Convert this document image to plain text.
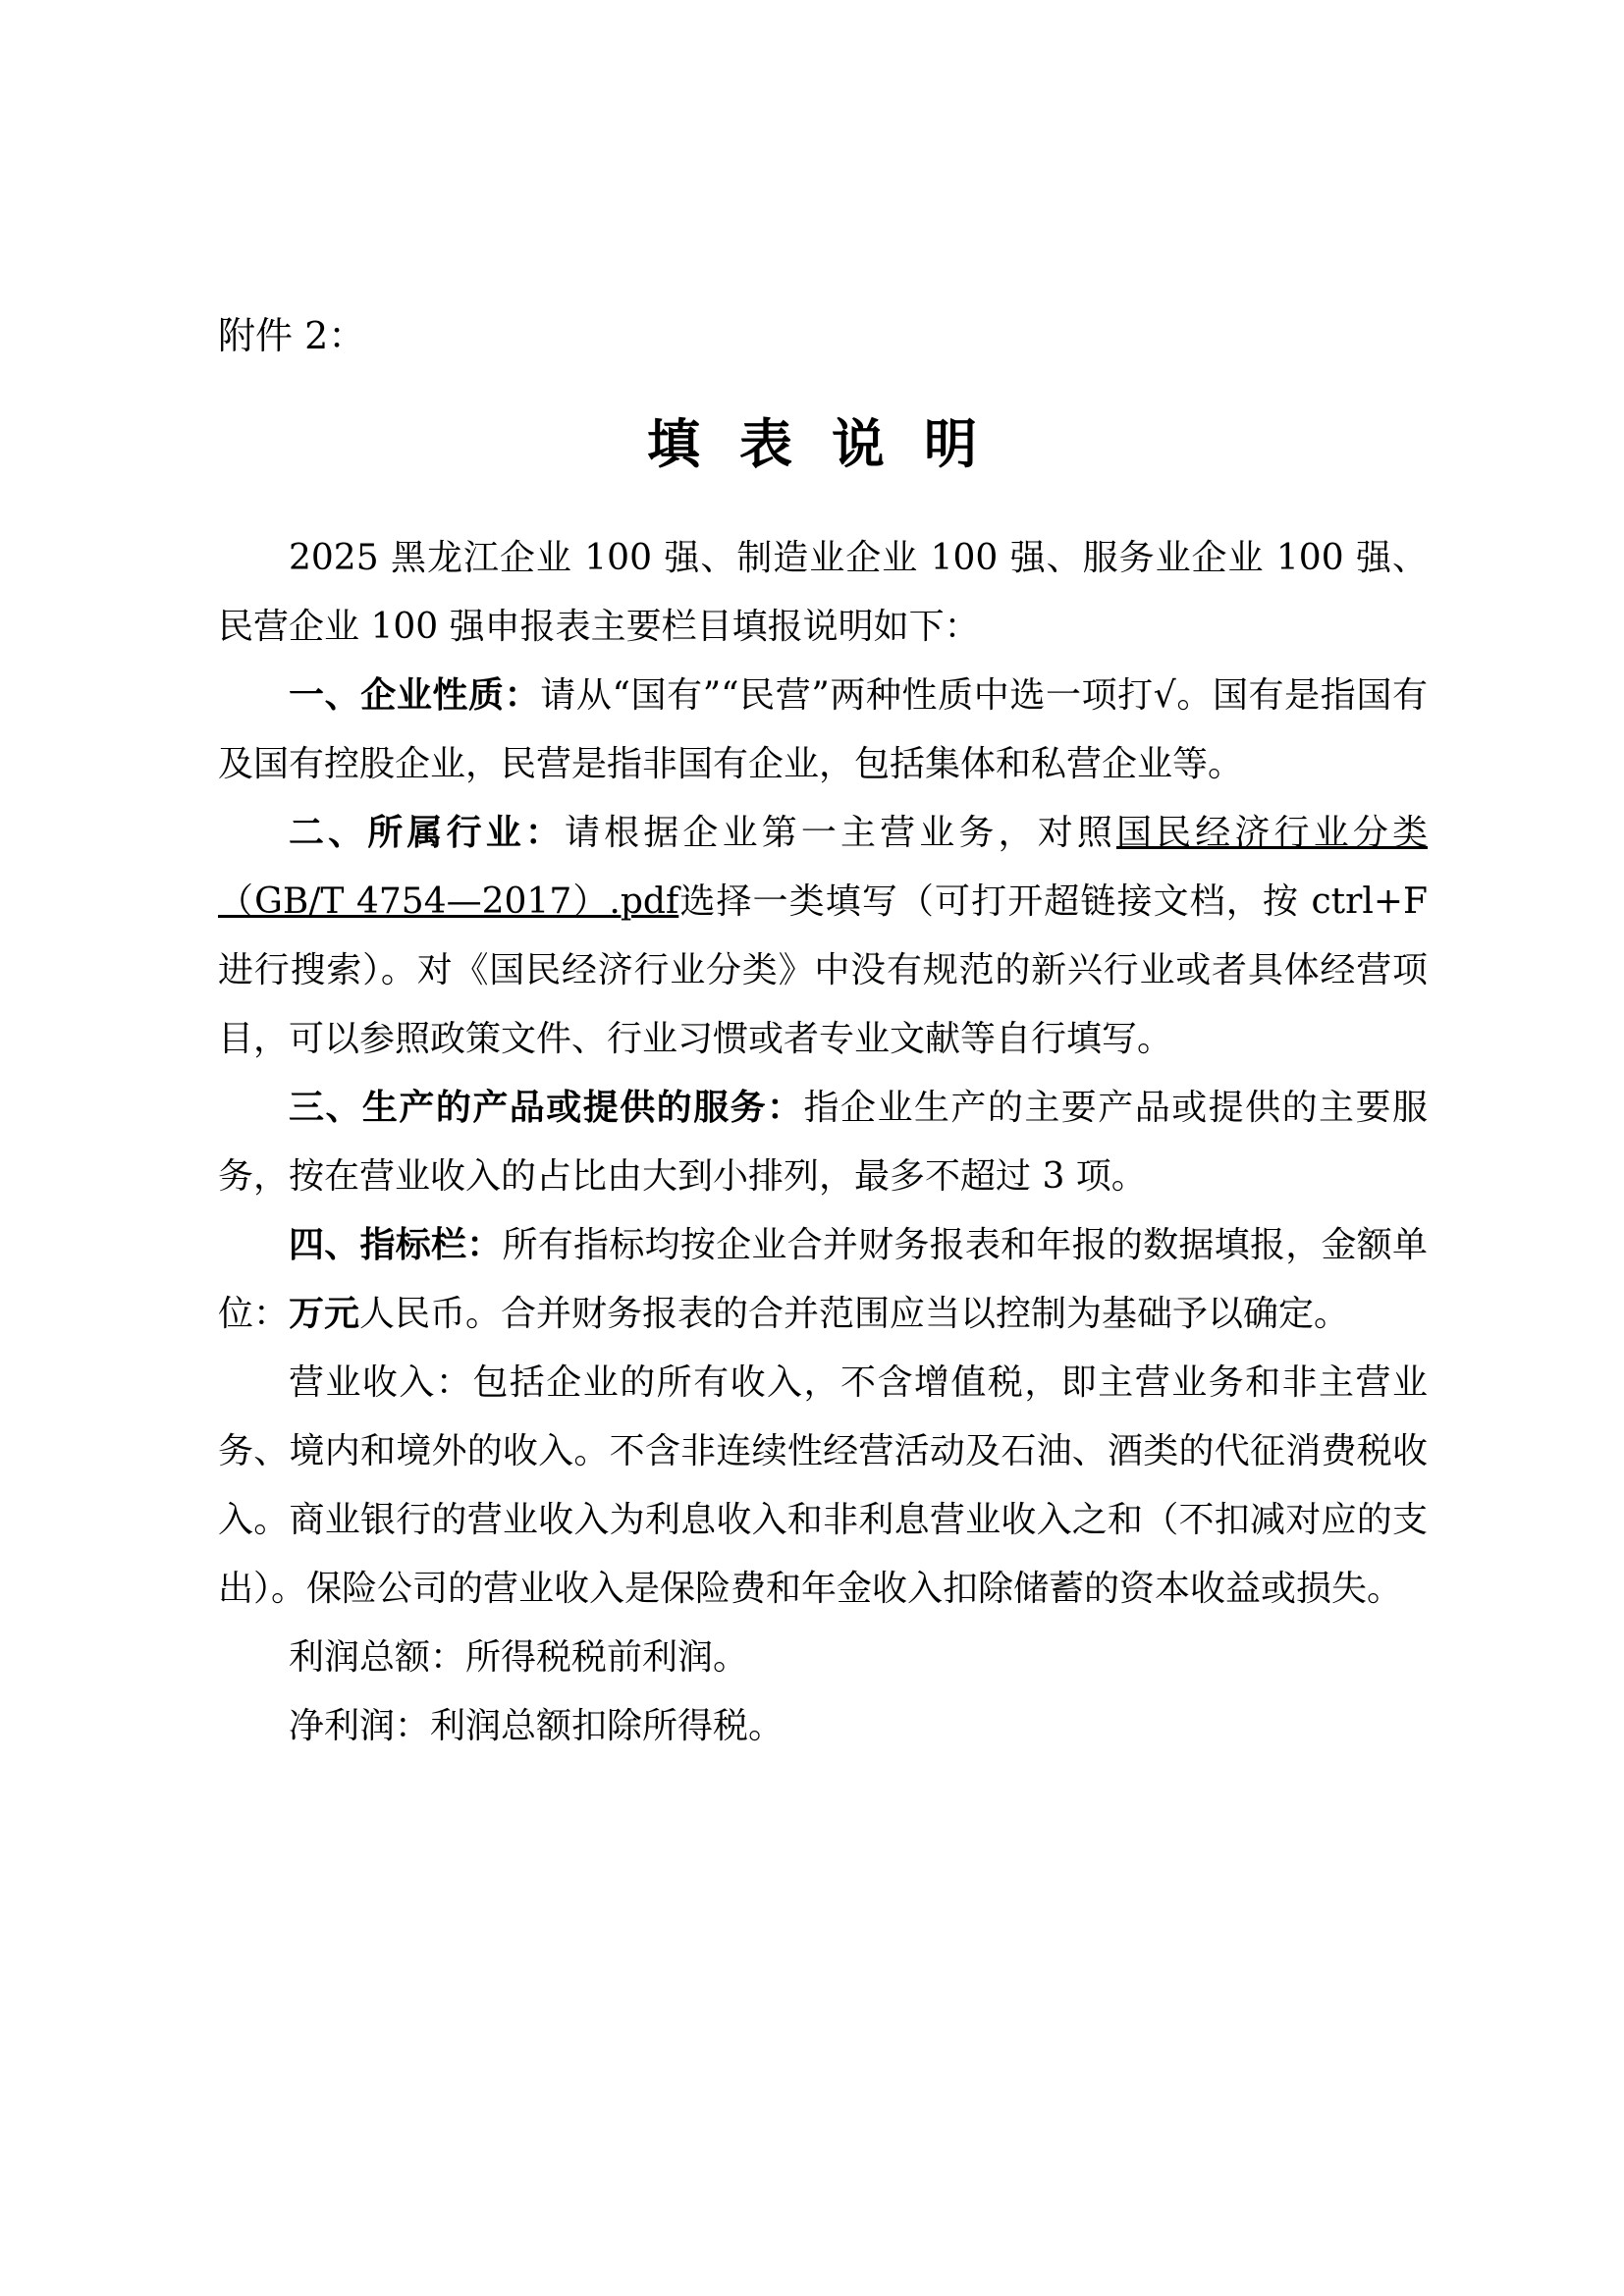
附件 2：
填表说明

2025 黑龙江企业 100 强、制造业企业 100 强、服务业企业 100 强、民营企业 100 强申报表主要栏目填报说明如下：

一、企业性质：请从“国有”“民营”两种性质中选一项打√。国有是指国有及国有控股企业，民营是指非国有企业，包括集体和私营企业等。

二、所属行业：请根据企业第一主营业务，对照国民经济行业分类（GB/T 4754—2017）.pdf选择一类填写（可打开超链接文档，按 ctrl+F 进行搜索）。对《国民经济行业分类》中没有规范的新兴行业或者具体经营项目，可以参照政策文件、行业习惯或者专业文献等自行填写。

三、生产的产品或提供的服务：指企业生产的主要产品或提供的主要服务，按在营业收入的占比由大到小排列，最多不超过 3 项。

四、指标栏：所有指标均按企业合并财务报表和年报的数据填报，金额单位：万元人民币。合并财务报表的合并范围应当以控制为基础予以确定。

营业收入：包括企业的所有收入，不含增值税，即主营业务和非主营业务、境内和境外的收入。不含非连续性经营活动及石油、酒类的代征消费税收入。商业银行的营业收入为利息收入和非利息营业收入之和（不扣减对应的支出）。保险公司的营业收入是保险费和年金收入扣除储蓄的资本收益或损失。

利润总额：所得税税前利润。

净利润：利润总额扣除所得税。
